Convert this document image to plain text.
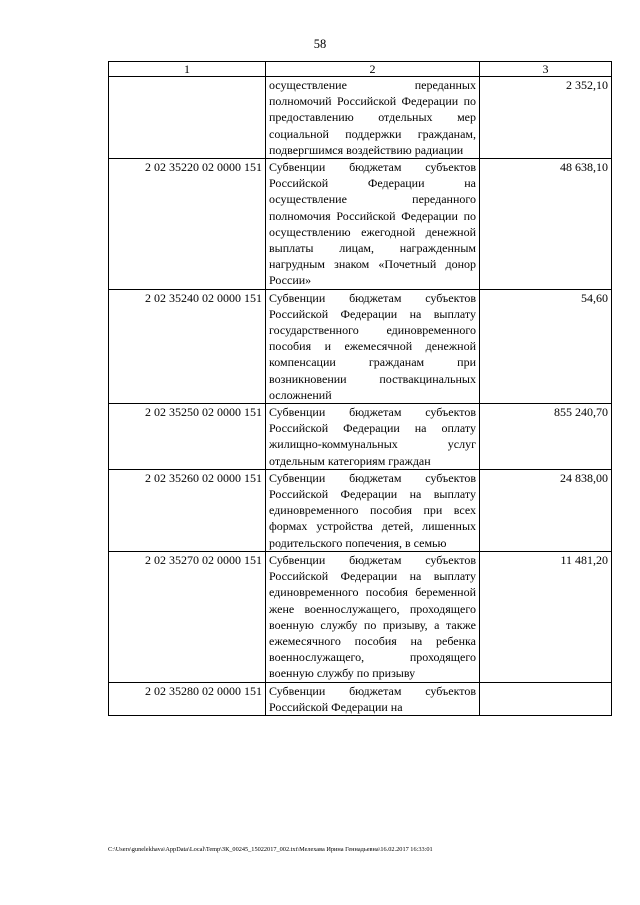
58
1	2	3
	осуществление переданных полномочий Российской Федерации по предоставлению отдельных мер социальной поддержки гражданам, подвергшимся воздействию радиации	2 352,10
2 02 35220 02 0000 151	Субвенции бюджетам субъектов Российской Федерации на осуществление переданного полномочия Российской Федерации по осуществлению ежегодной денежной выплаты лицам, награжденным нагрудным знаком «Почетный донор России»	48 638,10
2 02 35240 02 0000 151	Субвенции бюджетам субъектов Российской Федерации на выплату государственного единовременного пособия и ежемесячной денежной компенсации гражданам при возникновении поствакцинальных осложнений	54,60
2 02 35250 02 0000 151	Субвенции бюджетам субъектов Российской Федерации на оплату жилищно-коммунальных услуг отдельным категориям граждан	855 240,70
2 02 35260 02 0000 151	Субвенции бюджетам субъектов Российской Федерации на выплату единовременного пособия при всех формах устройства детей, лишенных родительского попечения, в семью	24 838,00
2 02 35270 02 0000 151	Субвенции бюджетам субъектов Российской Федерации на выплату единовременного пособия беременной жене военнослужащего, проходящего военную службу по призыву, а также ежемесячного пособия на ребенка военнослужащего, проходящего военную службу по призыву	11 481,20
2 02 35280 02 0000 151	Субвенции бюджетам субъектов Российской Федерации на	
C:\Users\gunelekhava\AppData\Local\Temp\ЗК_00245_15022017_002.txt\Мелехава Ирина Геннадьевна\16.02.2017 16:33:01
